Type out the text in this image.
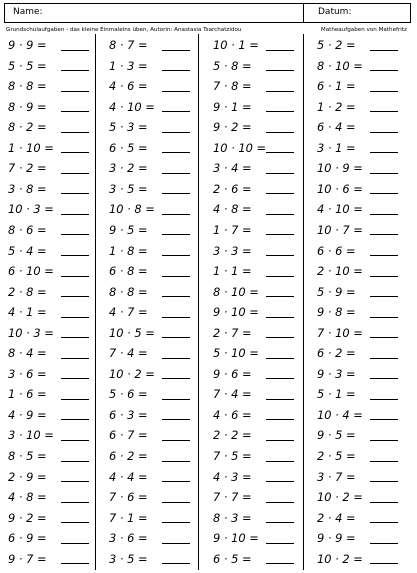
Name:	Datum:
Grundschulaufgaben - das kleine Einmaleins üben, Autorin: Anastasia Tsarchatzidou	Matheaufgaben von Mathefritz
9 · 9 =
5 · 5 =
8 · 8 =
8 · 9 =
8 · 2 =
1 · 10 =
7 · 2 =
3 · 8 =
10 · 3 =
8 · 6 =
5 · 4 =
6 · 10 =
2 · 8 =
4 · 1 =
10 · 3 =
8 · 4 =
3 · 6 =
1 · 6 =
4 · 9 =
3 · 10 =
8 · 5 =
2 · 9 =
4 · 8 =
9 · 2 =
6 · 9 =
9 · 7 =
8 · 7 =
1 · 3 =
4 · 6 =
4 · 10 =
5 · 3 =
6 · 5 =
3 · 2 =
3 · 5 =
10 · 8 =
9 · 5 =
1 · 8 =
6 · 8 =
8 · 8 =
4 · 7 =
10 · 5 =
7 · 4 =
10 · 2 =
5 · 6 =
6 · 3 =
6 · 7 =
6 · 2 =
4 · 4 =
7 · 6 =
7 · 1 =
3 · 6 =
3 · 5 =
10 · 1 =
5 · 8 =
7 · 8 =
9 · 1 =
9 · 2 =
10 · 10 =
3 · 4 =
2 · 6 =
4 · 8 =
1 · 7 =
3 · 3 =
1 · 1 =
8 · 10 =
9 · 10 =
2 · 7 =
5 · 10 =
9 · 6 =
7 · 4 =
4 · 6 =
2 · 2 =
7 · 5 =
4 · 3 =
7 · 7 =
8 · 3 =
9 · 10 =
6 · 5 =
5 · 2 =
8 · 10 =
6 · 1 =
1 · 2 =
6 · 4 =
3 · 1 =
10 · 9 =
10 · 6 =
4 · 10 =
10 · 7 =
6 · 6 =
2 · 10 =
5 · 9 =
9 · 8 =
7 · 10 =
6 · 2 =
9 · 3 =
5 · 1 =
10 · 4 =
9 · 5 =
2 · 5 =
3 · 7 =
10 · 2 =
2 · 4 =
9 · 9 =
10 · 2 =
